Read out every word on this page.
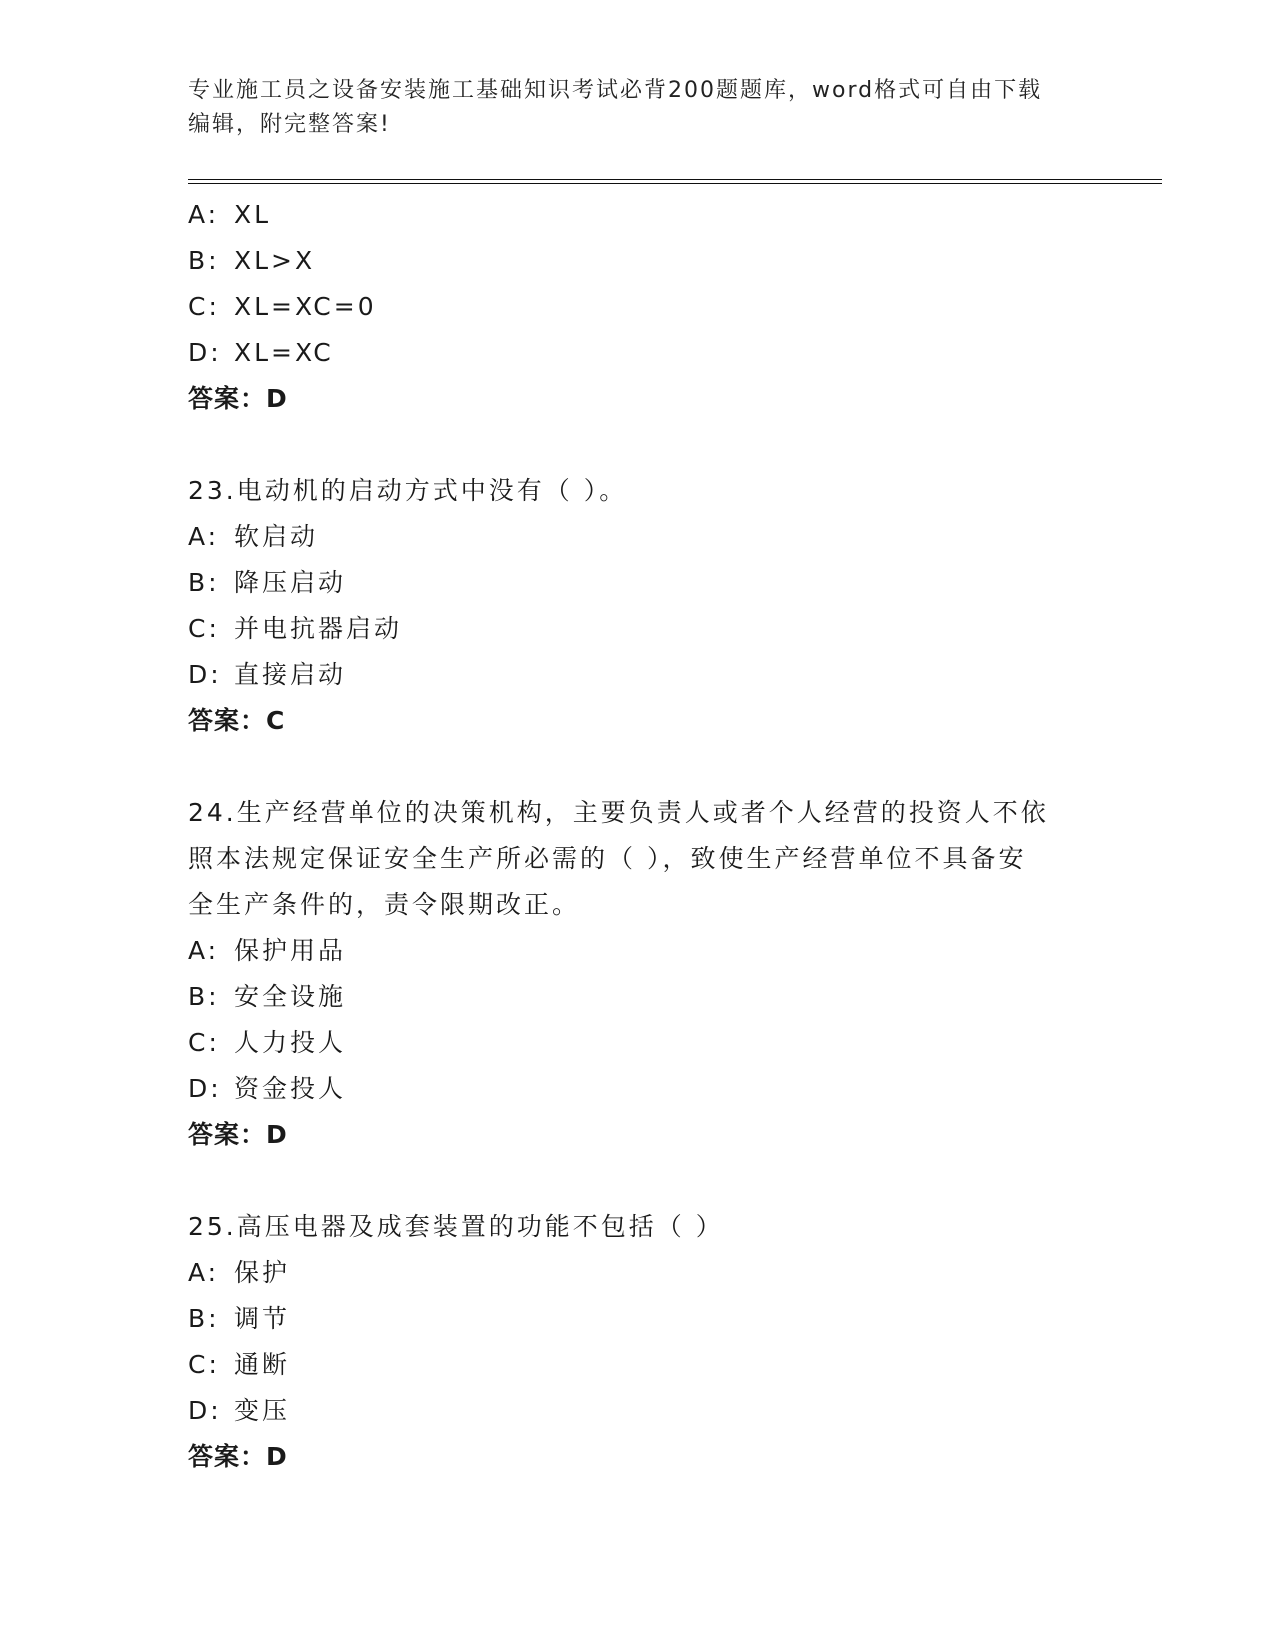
专业施工员之设备安装施工基础知识考试必背200题题库，word格式可自由下载
编辑，附完整答案!
A: XL
B: XL>X
C: XL=XC=0
D: XL=XC
答案：D
23.电动机的启动方式中没有（ ）。
A: 软启动
B: 降压启动
C: 并电抗器启动
D: 直接启动
答案：C
24.生产经营单位的决策机构，主要负责人或者个人经营的投资人不依
照本法规定保证安全生产所必需的（ ），致使生产经营单位不具备安
全生产条件的，责令限期改正。
A: 保护用品
B: 安全设施
C: 人力投人
D: 资金投人
答案：D
25.高压电器及成套装置的功能不包括（ ）
A: 保护
B: 调节
C: 通断
D: 变压
答案：D
